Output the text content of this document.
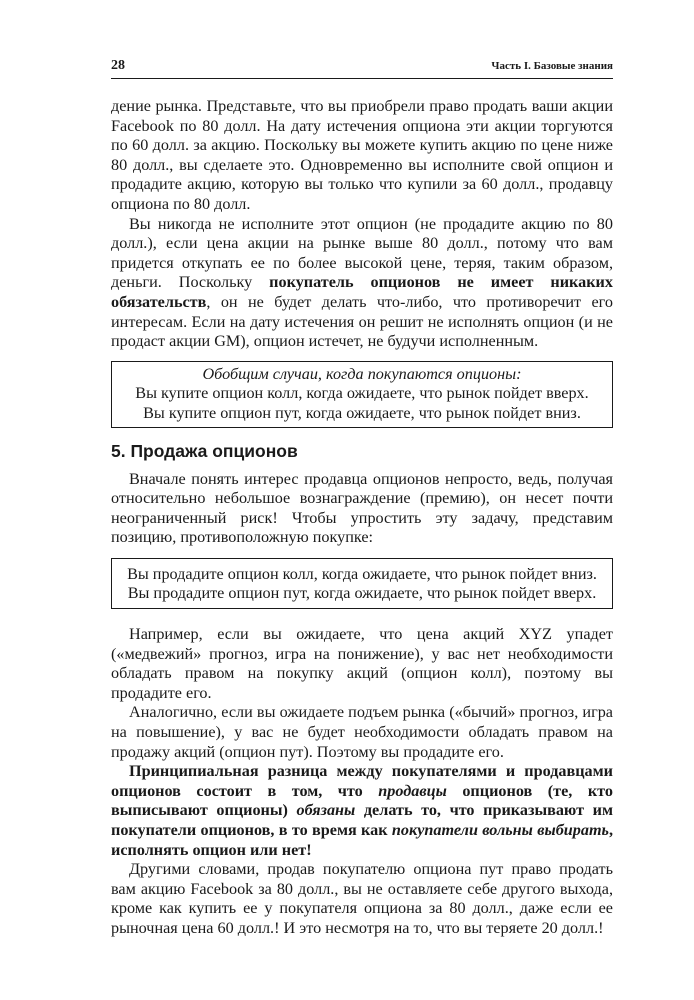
28	Часть I. Базовые знания

дение рынка. Представьте, что вы приобрели право продать ваши акции Facebook по 80 долл. На дату истечения опциона эти акции торгуются по 60 долл. за акцию. Поскольку вы можете купить акцию по цене ниже 80 долл., вы сделаете это. Одновременно вы исполните свой опцион и продадите акцию, которую вы только что купили за 60 долл., продавцу опциона по 80 долл.

Вы никогда не исполните этот опцион (не продадите акцию по 80 долл.), если цена акции на рынке выше 80 долл., потому что вам придется откупать ее по более высокой цене, теряя, таким образом, деньги. Поскольку покупатель опционов не имеет никаких обязательств, он не будет делать что-либо, что противоречит его интересам. Если на дату истечения он решит не исполнять опцион (и не продаст акции GM), опцион истечет, не будучи исполненным.

Обобщим случаи, когда покупаются опционы:
Вы купите опцион колл, когда ожидаете, что рынок пойдет вверх.
Вы купите опцион пут, когда ожидаете, что рынок пойдет вниз.
5. Продажа опционов

Вначале понять интерес продавца опционов непросто, ведь, получая относительно небольшое вознаграждение (премию), он несет почти неограниченный риск! Чтобы упростить эту задачу, представим позицию, противоположную покупке:

Вы продадите опцион колл, когда ожидаете, что рынок пойдет вниз.
Вы продадите опцион пут, когда ожидаете, что рынок пойдет вверх.

Например, если вы ожидаете, что цена акций XYZ упадет («медвежий» прогноз, игра на понижение), у вас нет необходимости обладать правом на покупку акций (опцион колл), поэтому вы продадите его.

Аналогично, если вы ожидаете подъем рынка («бычий» прогноз, игра на повышение), у вас не будет необходимости обладать правом на продажу акций (опцион пут). Поэтому вы продадите его.

Принципиальная разница между покупателями и продавцами опционов состоит в том, что продавцы опционов (те, кто выписывают опционы) обязаны делать то, что приказывают им покупатели опционов, в то время как покупатели вольны выбирать, исполнять опцион или нет!

Другими словами, продав покупателю опциона пут право продать вам акцию Facebook за 80 долл., вы не оставляете себе другого выхода, кроме как купить ее у покупателя опциона за 80 долл., даже если ее рыночная цена 60 долл.! И это несмотря на то, что вы теряете 20 долл.!
